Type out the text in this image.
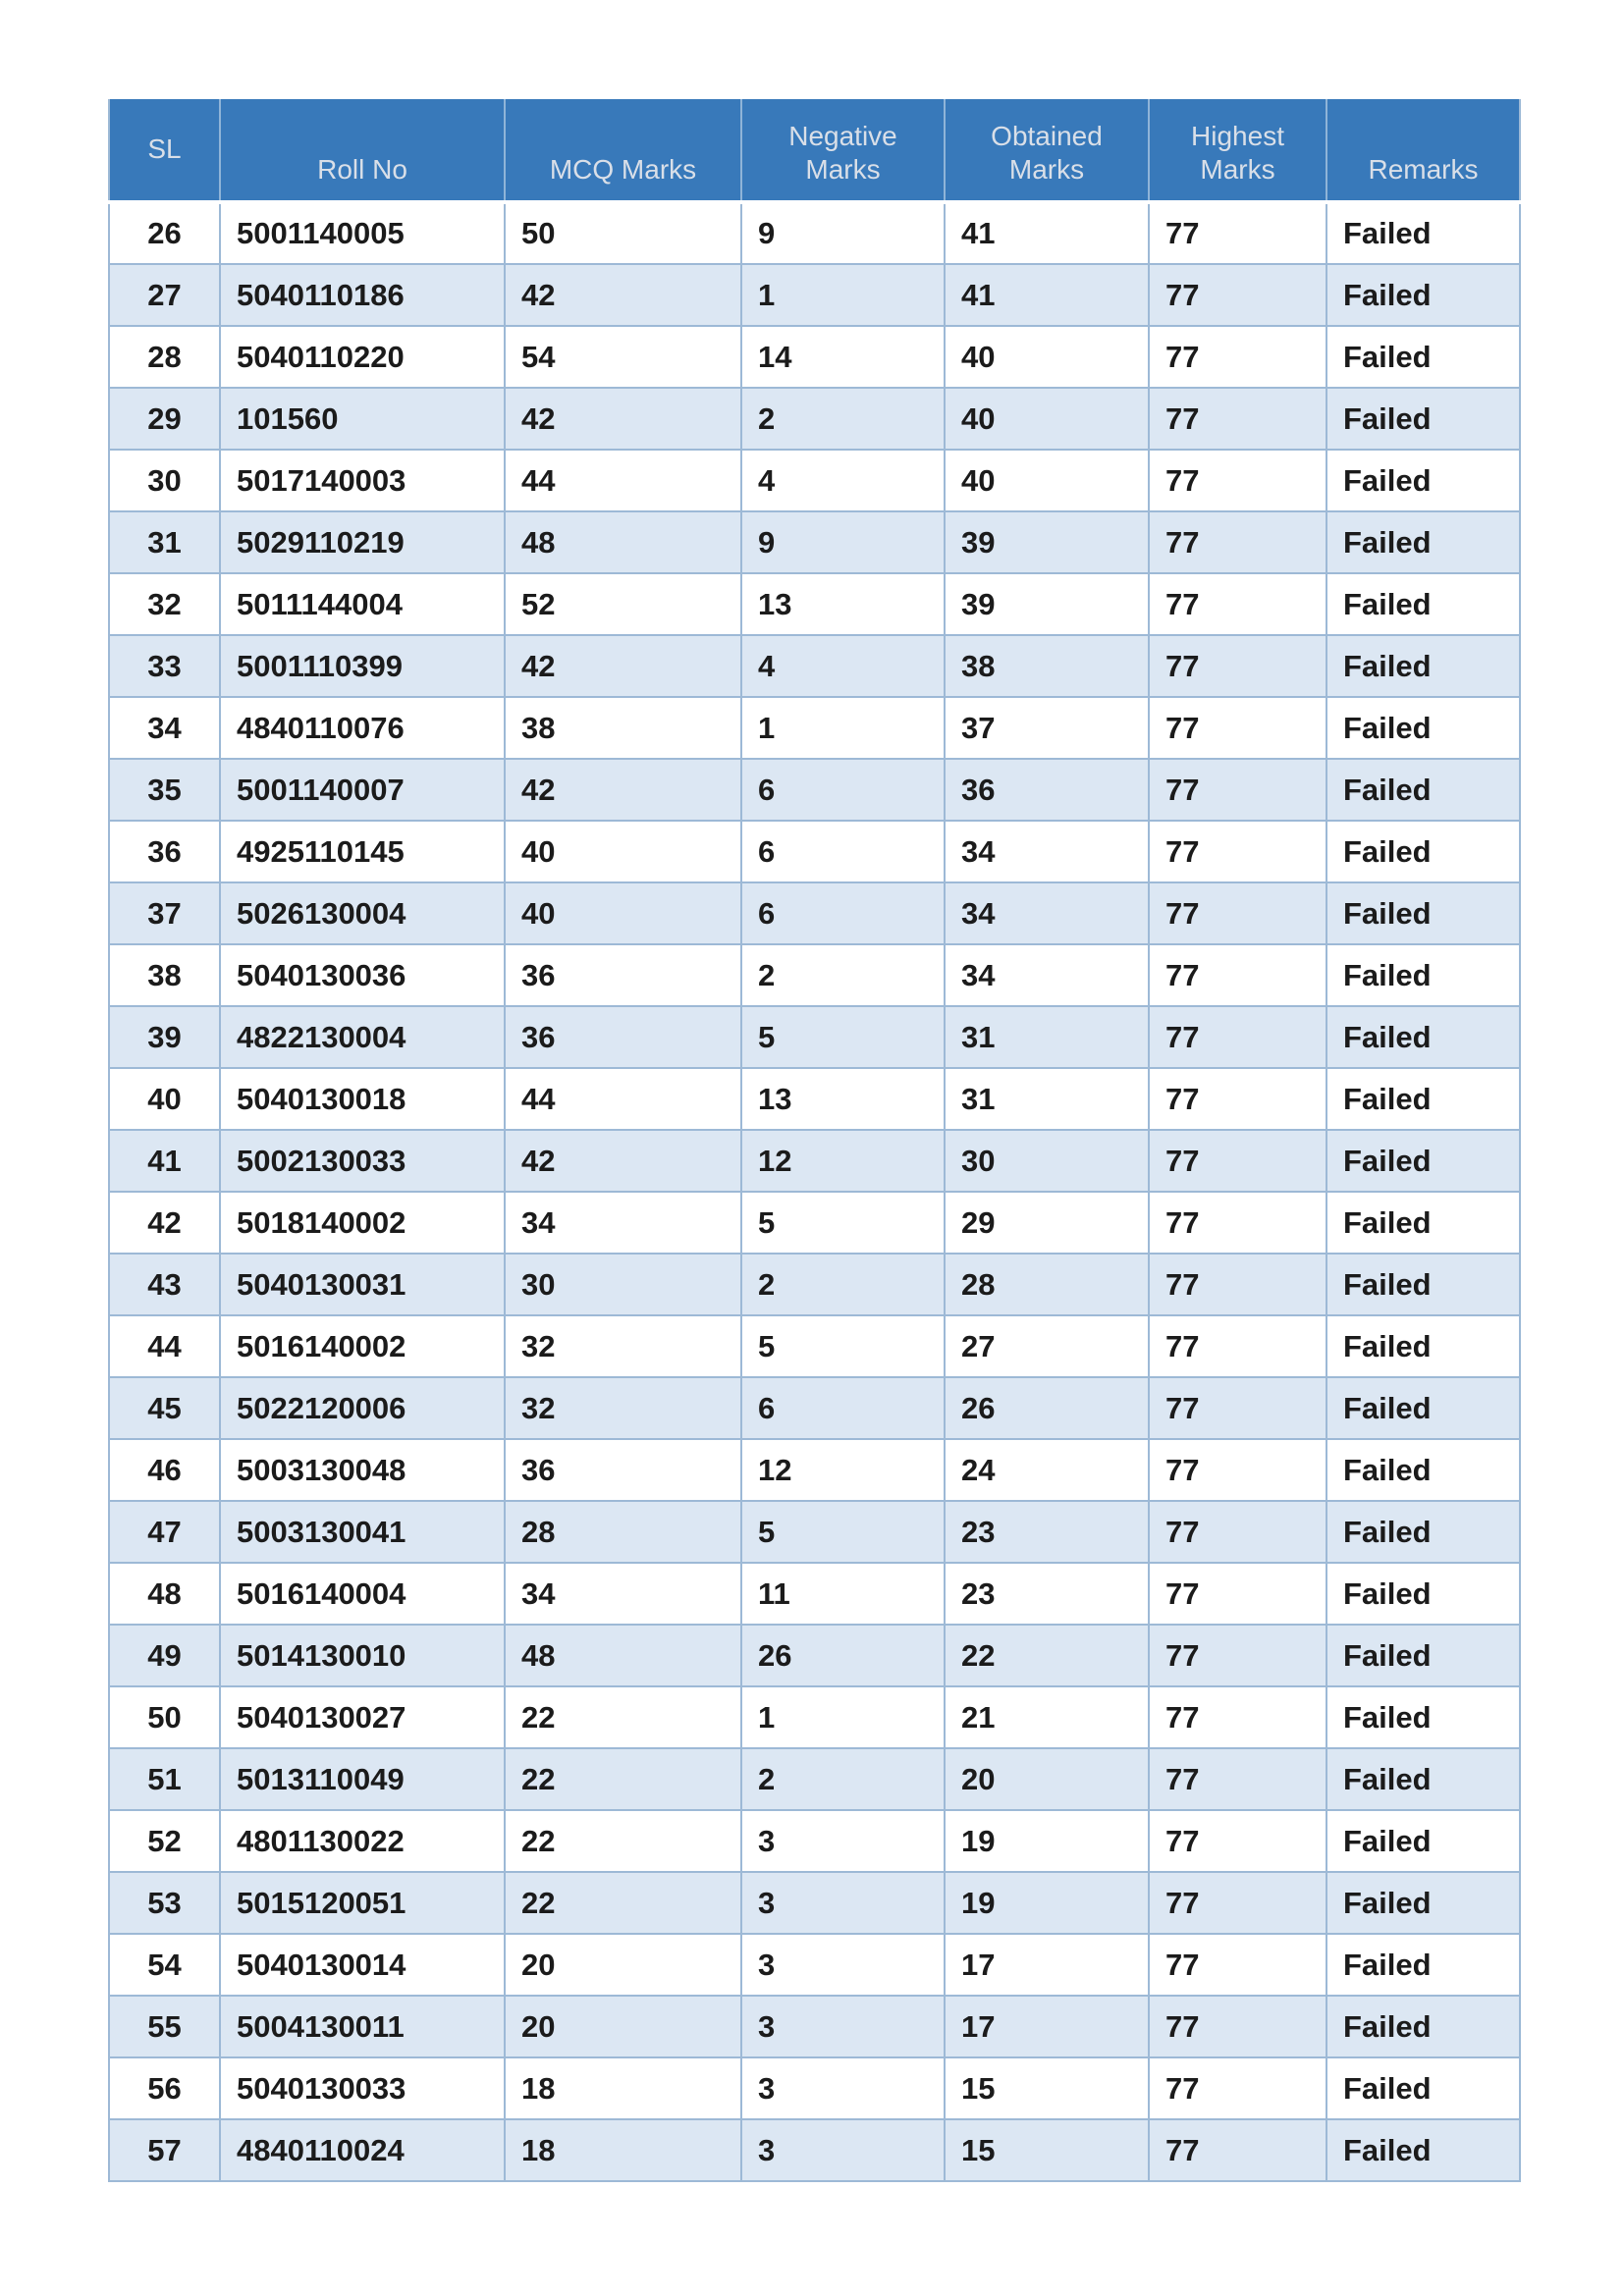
SL	Roll No	MCQ Marks	Negative Marks	Obtained Marks	Highest Marks	Remarks
26	5001140005	50	9	41	77	Failed
27	5040110186	42	1	41	77	Failed
28	5040110220	54	14	40	77	Failed
29	101560	42	2	40	77	Failed
30	5017140003	44	4	40	77	Failed
31	5029110219	48	9	39	77	Failed
32	5011144004	52	13	39	77	Failed
33	5001110399	42	4	38	77	Failed
34	4840110076	38	1	37	77	Failed
35	5001140007	42	6	36	77	Failed
36	4925110145	40	6	34	77	Failed
37	5026130004	40	6	34	77	Failed
38	5040130036	36	2	34	77	Failed
39	4822130004	36	5	31	77	Failed
40	5040130018	44	13	31	77	Failed
41	5002130033	42	12	30	77	Failed
42	5018140002	34	5	29	77	Failed
43	5040130031	30	2	28	77	Failed
44	5016140002	32	5	27	77	Failed
45	5022120006	32	6	26	77	Failed
46	5003130048	36	12	24	77	Failed
47	5003130041	28	5	23	77	Failed
48	5016140004	34	11	23	77	Failed
49	5014130010	48	26	22	77	Failed
50	5040130027	22	1	21	77	Failed
51	5013110049	22	2	20	77	Failed
52	4801130022	22	3	19	77	Failed
53	5015120051	22	3	19	77	Failed
54	5040130014	20	3	17	77	Failed
55	5004130011	20	3	17	77	Failed
56	5040130033	18	3	15	77	Failed
57	4840110024	18	3	15	77	Failed
